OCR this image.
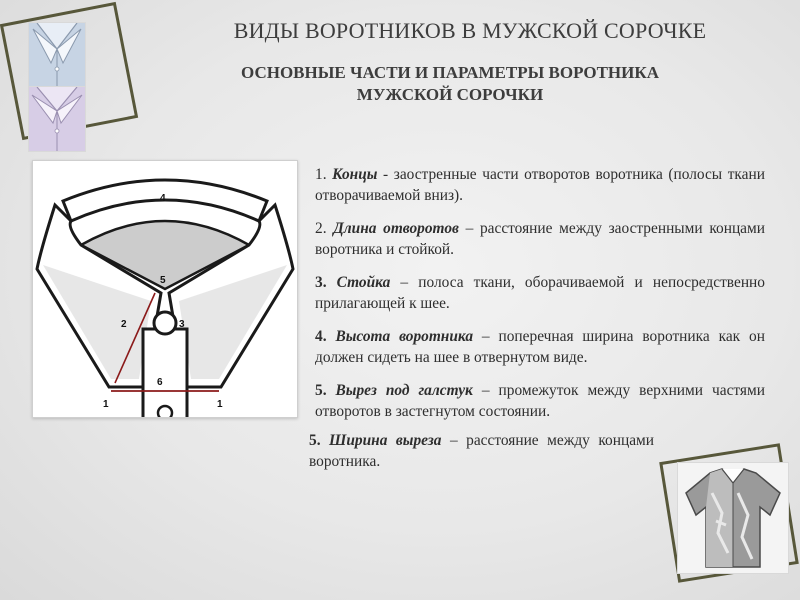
ВИДЫ ВОРОТНИКОВ В МУЖСКОЙ СОРОЧКЕ
ОСНОВНЫЕ ЧАСТИ И ПАРАМЕТРЫ ВОРОТНИКА
МУЖСКОЙ СОРОЧКИ
4
5
3
2
6
1	1

1. Концы - заостренные части отворотов воротника (полосы ткани отворачиваемой вниз).

2. Длина отворотов – расстояние между заостренными концами воротника и стойкой.

3. Стойка – полоса ткани, оборачиваемой и непосредственно прилагающей к шее.

4. Высота воротника – поперечная ширина воротника как он должен сидеть на шее в отвернутом виде.

5. Вырез под галстук – промежуток между верхними частями отворотов в застегнутом состоянии.

5. Ширина выреза – расстояние между концами воротника.
